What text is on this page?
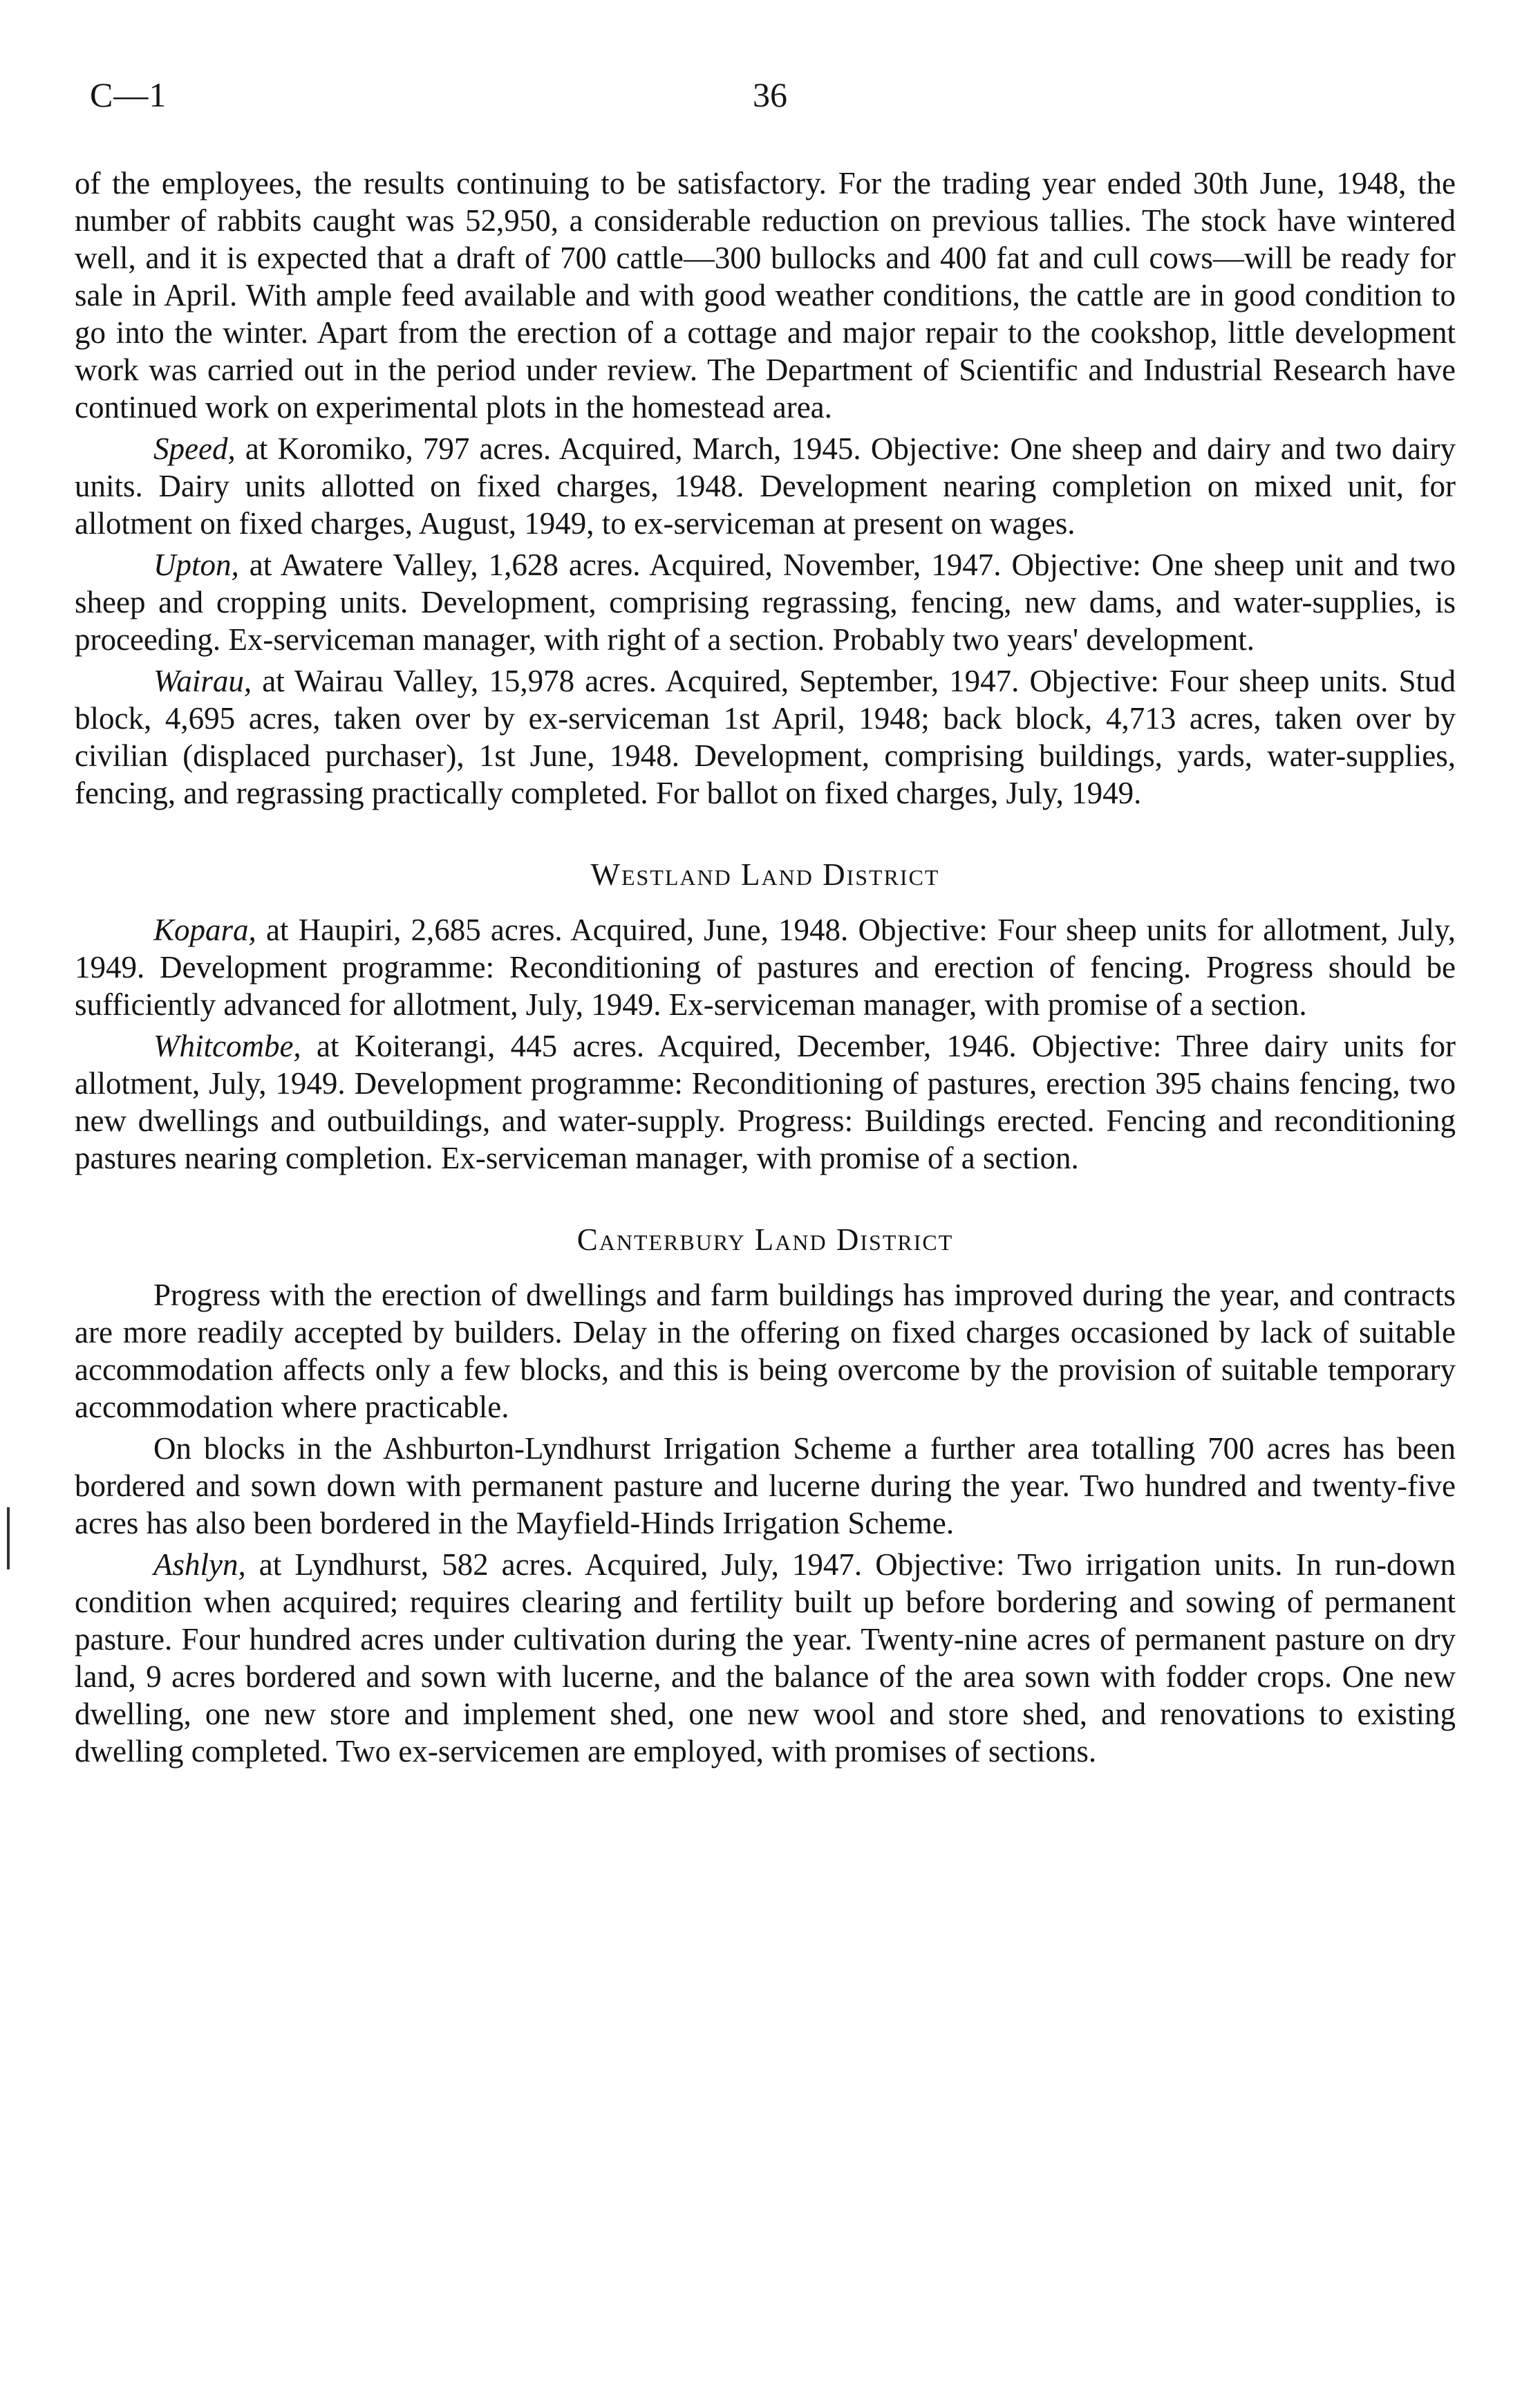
C—1	36

of the employees, the results continuing to be satisfactory. For the trading year ended 30th June, 1948, the number of rabbits caught was 52,950, a considerable reduction on previous tallies. The stock have wintered well, and it is expected that a draft of 700 cattle—300 bullocks and 400 fat and cull cows—will be ready for sale in April. With ample feed available and with good weather conditions, the cattle are in good condition to go into the winter. Apart from the erection of a cottage and major repair to the cookshop, little development work was carried out in the period under review. The Department of Scientific and Industrial Research have continued work on experimental plots in the homestead area.

Speed, at Koromiko, 797 acres. Acquired, March, 1945. Objective: One sheep and dairy and two dairy units. Dairy units allotted on fixed charges, 1948. Development nearing completion on mixed unit, for allotment on fixed charges, August, 1949, to ex-serviceman at present on wages.

Upton, at Awatere Valley, 1,628 acres. Acquired, November, 1947. Objective: One sheep unit and two sheep and cropping units. Development, comprising regrassing, fencing, new dams, and water-supplies, is proceeding. Ex-serviceman manager, with right of a section. Probably two years' development.

Wairau, at Wairau Valley, 15,978 acres. Acquired, September, 1947. Objective: Four sheep units. Stud block, 4,695 acres, taken over by ex-serviceman 1st April, 1948; back block, 4,713 acres, taken over by civilian (displaced purchaser), 1st June, 1948. Development, comprising buildings, yards, water-supplies, fencing, and regrassing practically completed. For ballot on fixed charges, July, 1949.

Westland Land District

Kopara, at Haupiri, 2,685 acres. Acquired, June, 1948. Objective: Four sheep units for allotment, July, 1949. Development programme: Reconditioning of pastures and erection of fencing. Progress should be sufficiently advanced for allotment, July, 1949. Ex-serviceman manager, with promise of a section.

Whitcombe, at Koiterangi, 445 acres. Acquired, December, 1946. Objective: Three dairy units for allotment, July, 1949. Development programme: Reconditioning of pastures, erection 395 chains fencing, two new dwellings and outbuildings, and water-supply. Progress: Buildings erected. Fencing and reconditioning pastures nearing completion. Ex-serviceman manager, with promise of a section.

Canterbury Land District

Progress with the erection of dwellings and farm buildings has improved during the year, and contracts are more readily accepted by builders. Delay in the offering on fixed charges occasioned by lack of suitable accommodation affects only a few blocks, and this is being overcome by the provision of suitable temporary accommodation where practicable.

On blocks in the Ashburton-Lyndhurst Irrigation Scheme a further area totalling 700 acres has been bordered and sown down with permanent pasture and lucerne during the year. Two hundred and twenty-five acres has also been bordered in the Mayfield-Hinds Irrigation Scheme.

Ashlyn, at Lyndhurst, 582 acres. Acquired, July, 1947. Objective: Two irrigation units. In run-down condition when acquired; requires clearing and fertility built up before bordering and sowing of permanent pasture. Four hundred acres under cultivation during the year. Twenty-nine acres of permanent pasture on dry land, 9 acres bordered and sown with lucerne, and the balance of the area sown with fodder crops. One new dwelling, one new store and implement shed, one new wool and store shed, and renovations to existing dwelling completed. Two ex-servicemen are employed, with promises of sections.
